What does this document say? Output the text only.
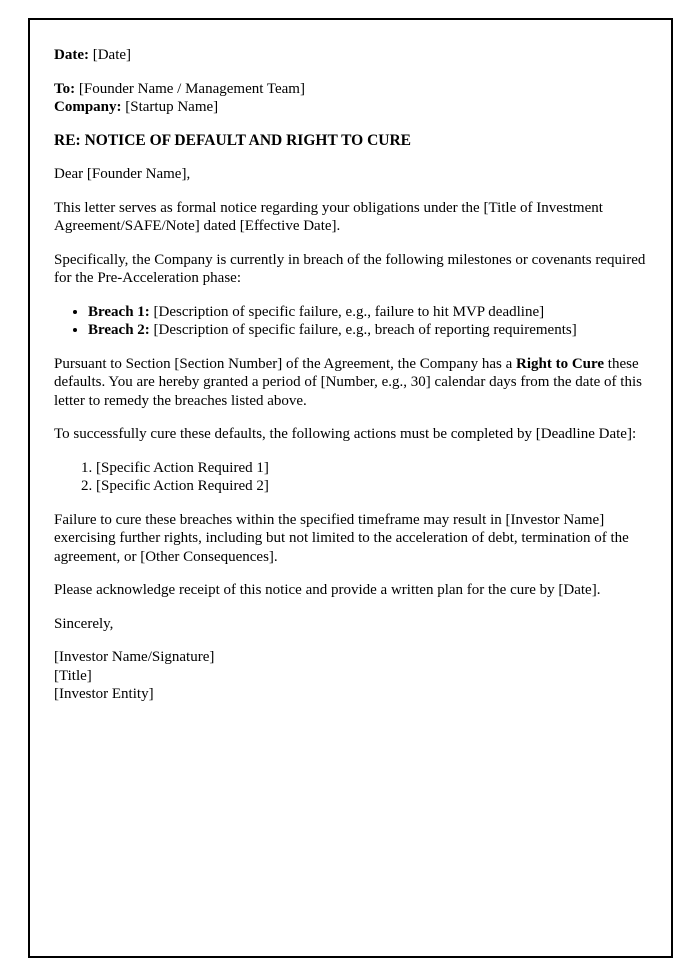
Date: [Date]

To: [Founder Name / Management Team]
Company: [Startup Name]

RE: NOTICE OF DEFAULT AND RIGHT TO CURE

Dear [Founder Name],

This letter serves as formal notice regarding your obligations under the [Title of Investment Agreement/SAFE/Note] dated [Effective Date].

Specifically, the Company is currently in breach of the following milestones or covenants required for the Pre-Acceleration phase:

• Breach 1: [Description of specific failure, e.g., failure to hit MVP deadline]
• Breach 2: [Description of specific failure, e.g., breach of reporting requirements]

Pursuant to Section [Section Number] of the Agreement, the Company has a Right to Cure these defaults. You are hereby granted a period of [Number, e.g., 30] calendar days from the date of this letter to remedy the breaches listed above.

To successfully cure these defaults, the following actions must be completed by [Deadline Date]:

1. [Specific Action Required 1]
2. [Specific Action Required 2]

Failure to cure these breaches within the specified timeframe may result in [Investor Name] exercising further rights, including but not limited to the acceleration of debt, termination of the agreement, or [Other Consequences].

Please acknowledge receipt of this notice and provide a written plan for the cure by [Date].

Sincerely,

[Investor Name/Signature]
[Title]
[Investor Entity]
